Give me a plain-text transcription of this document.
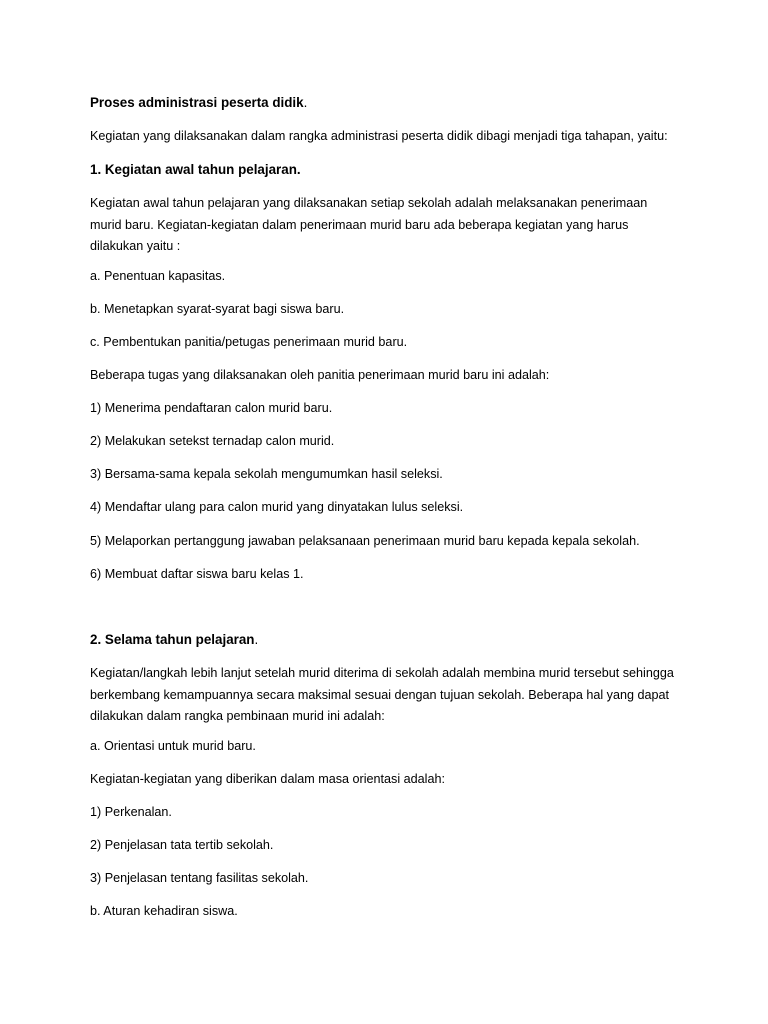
Proses administrasi peserta didik.

Kegiatan yang dilaksanakan dalam rangka administrasi peserta didik dibagi menjadi tiga tahapan, yaitu:

1. Kegiatan awal tahun pelajaran.

Kegiatan awal tahun pelajaran yang dilaksanakan setiap sekolah adalah melaksanakan penerimaan murid baru. Kegiatan-kegiatan dalam penerimaan murid baru ada beberapa kegiatan yang harus dilakukan yaitu :

a. Penentuan kapasitas.

b. Menetapkan syarat-syarat bagi siswa baru.

c. Pembentukan panitia/petugas penerimaan murid baru.

Beberapa tugas yang dilaksanakan oleh panitia penerimaan murid baru ini adalah:

1) Menerima pendaftaran calon murid baru.

2) Melakukan setekst ternadap calon murid.

3) Bersama-sama kepala sekolah mengumumkan hasil seleksi.

4) Mendaftar ulang para calon murid yang dinyatakan lulus seleksi.

5) Melaporkan pertanggung jawaban pelaksanaan penerimaan murid baru kepada kepala sekolah.

6) Membuat daftar siswa baru kelas 1.

2. Selama tahun pelajaran.

Kegiatan/langkah lebih lanjut setelah murid diterima di sekolah adalah membina murid tersebut sehingga berkembang kemampuannya secara maksimal sesuai dengan tujuan sekolah. Beberapa hal yang dapat dilakukan dalam rangka pembinaan murid ini adalah:

a. Orientasi untuk murid baru.

Kegiatan-kegiatan yang diberikan dalam masa orientasi adalah:

1) Perkenalan.

2) Penjelasan tata tertib sekolah.

3) Penjelasan tentang fasilitas sekolah.

b. Aturan kehadiran siswa.
